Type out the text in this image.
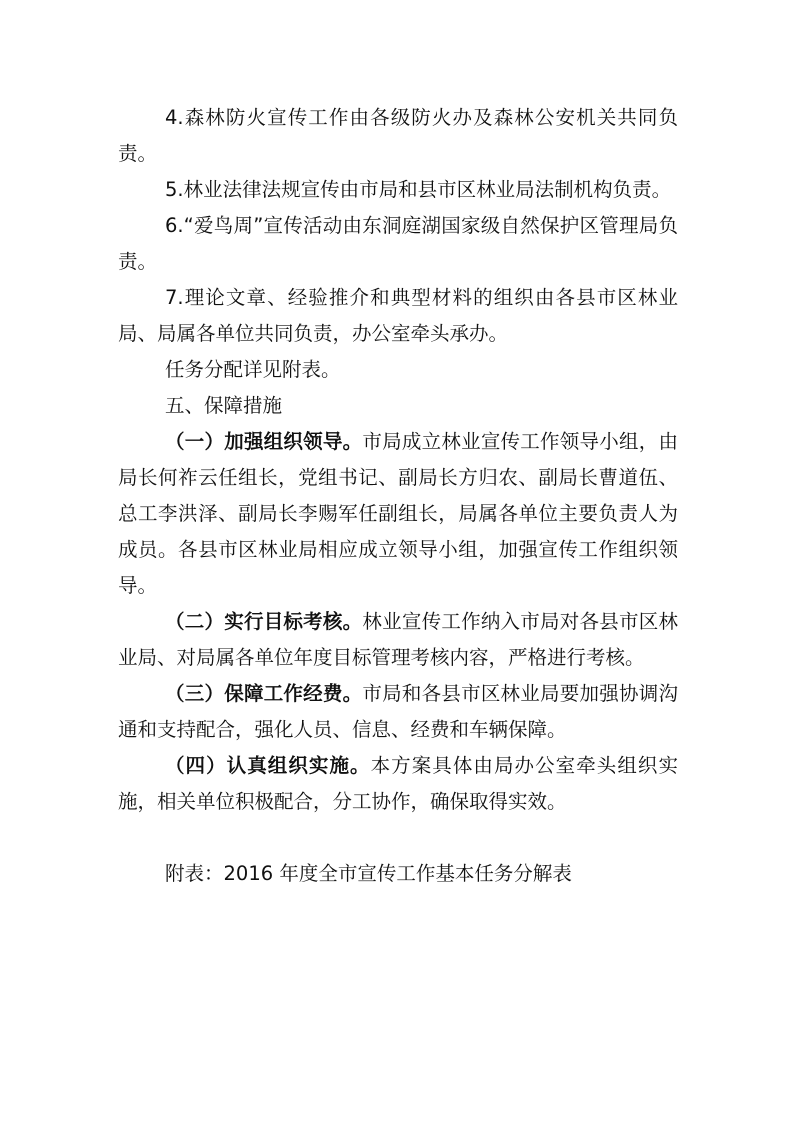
4.森林防火宣传工作由各级防火办及森林公安机关共同负责。

5.林业法律法规宣传由市局和县市区林业局法制机构负责。

6.“爱鸟周”宣传活动由东洞庭湖国家级自然保护区管理局负责。

7.理论文章、经验推介和典型材料的组织由各县市区林业局、局属各单位共同负责，办公室牵头承办。

任务分配详见附表。

五、保障措施

（一）加强组织领导。市局成立林业宣传工作领导小组，由局长何祚云任组长，党组书记、副局长方归农、副局长曹道伍、总工李洪泽、副局长李赐军任副组长，局属各单位主要负责人为成员。各县市区林业局相应成立领导小组，加强宣传工作组织领导。

（二）实行目标考核。林业宣传工作纳入市局对各县市区林业局、对局属各单位年度目标管理考核内容，严格进行考核。

（三）保障工作经费。市局和各县市区林业局要加强协调沟通和支持配合，强化人员、信息、经费和车辆保障。

（四）认真组织实施。本方案具体由局办公室牵头组织实施，相关单位积极配合，分工协作，确保取得实效。

附表：2016 年度全市宣传工作基本任务分解表
